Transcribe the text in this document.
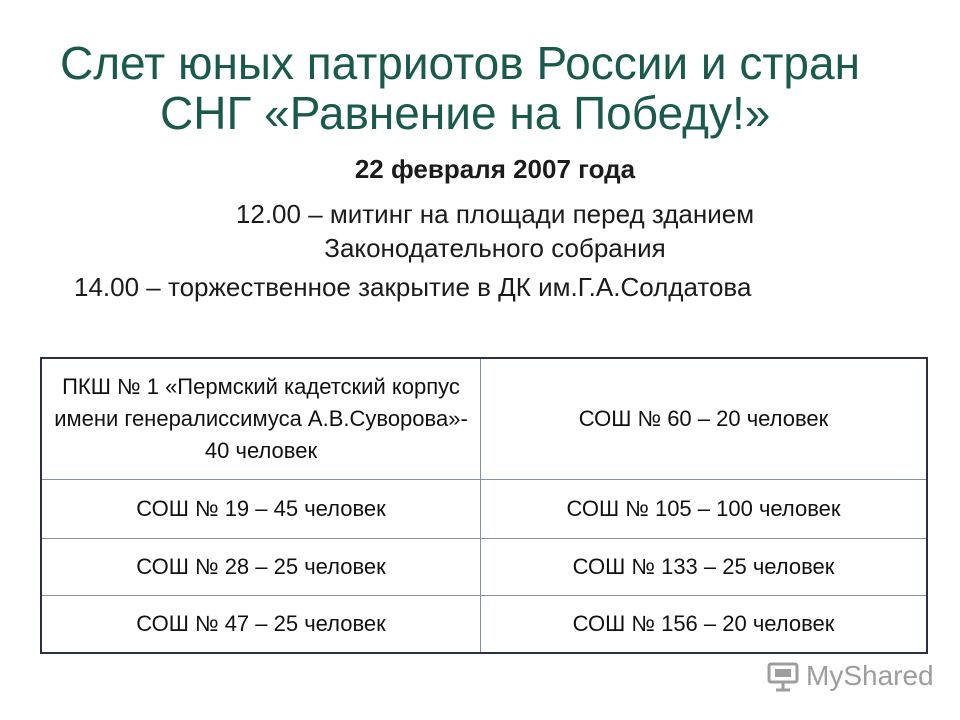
Слет юных патриотов России и стран
СНГ «Равнение на Победу!»
22 февраля 2007 года
12.00 – митинг на площади перед зданием
Законодательного собрания
14.00 – торжественное закрытие в ДК им.Г.А.Солдатова
ПКШ № 1 «Пермский кадетский корпус имени генералиссимуса А.В.Суворова»- 40 человек	СОШ № 60 – 20 человек
СОШ № 19 – 45 человек	СОШ № 105 – 100 человек
СОШ № 28 – 25 человек	СОШ № 133 – 25 человек
СОШ № 47 – 25 человек	СОШ № 156 – 20 человек
MyShared
